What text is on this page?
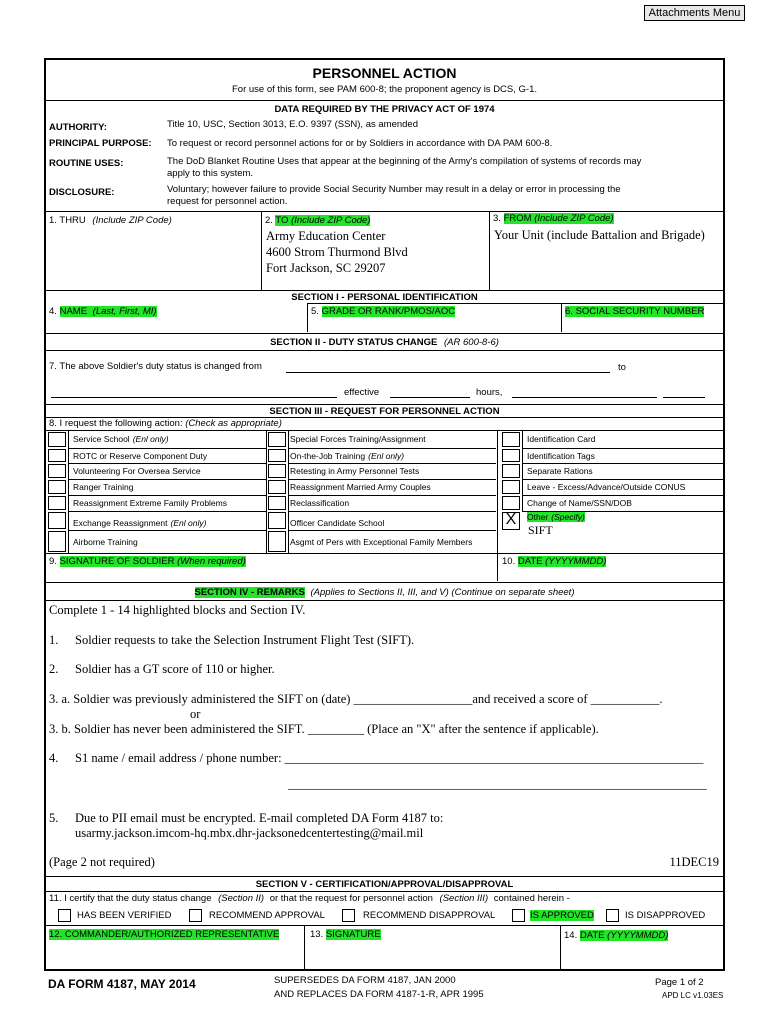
Attachments Menu
PERSONNEL ACTION
For use of this form, see PAM 600-8; the proponent agency is DCS, G-1.
DATA REQUIRED BY THE PRIVACY ACT OF 1974
AUTHORITY:	Title 10, USC, Section 3013, E.O. 9397 (SSN), as amended
PRINCIPAL PURPOSE: To request or record personnel actions for or by Soldiers in accordance with DA PAM 600-8.
ROUTINE USES:	The DoD Blanket Routine Uses that appear at the beginning of the Army's compilation of systems of records may
apply to this system.
DISCLOSURE:	Voluntary; however failure to provide Social Security Number may result in a delay or error in processing the
request for personnel action.
1. THRU (Include ZIP Code)	2. TO (Include ZIP Code)
Army Education Center
4600 Strom Thurmond Blvd
Fort Jackson, SC 29207
3. FROM (Include ZIP Code)
Your Unit (include Battalion and Brigade)
SECTION I - PERSONAL IDENTIFICATION
4. NAME (Last, First, MI)	5. GRADE OR RANK/PMOS/AOC	6. SOCIAL SECURITY NUMBER
SECTION II - DUTY STATUS CHANGE (AR 600-8-6)
7. The above Soldier's duty status is changed from	to
effective	hours,
SECTION III - REQUEST FOR PERSONNEL ACTION
8. I request the following action: (Check as appropriate)
Service School (Enl only)	Special Forces Training/Assignment	Identification Card
ROTC or Reserve Component Duty	On-the-Job Training (Enl only)	Identification Tags
Volunteering For Oversea Service	Retesting in Army Personnel Tests	Separate Rations
Ranger Training	Reassignment Married Army Couples	Leave - Excess/Advance/Outside CONUS
Reassignment Extreme Family Problems	Reclassification	Change of Name/SSN/DOB
Exchange Reassignment (Enl only)	Officer Candidate School
Airborne Training	Asgmt of Pers with Exceptional Family Members
X	Other (Specify)
SIFT
9. SIGNATURE OF SOLDIER (When required)	10. DATE (YYYYMMDD)
SECTION IV - REMARKS (Applies to Sections II, III, and V) (Continue on separate sheet)
Complete 1 - 14 highlighted blocks and Section IV.
1. Soldier requests to take the Selection Instrument Flight Test (SIFT).
2. Soldier has a GT score of 110 or higher.
3. a. Soldier was previously administered the SIFT on (date) ___________________and received a score of ___________.
or
3. b. Soldier has never been administered the SIFT. _________ (Place an "X" after the sentence if applicable).
4. S1 name / email address / phone number: ___________________________________________________________________
___________________________________________________________________
5. Due to PII email must be encrypted. E-mail completed DA Form 4187 to:
usarmy.jackson.imcom-hq.mbx.dhr-jacksonedcentertesting@mail.mil
(Page 2 not required)	11DEC19
SECTION V - CERTIFICATION/APPROVAL/DISAPPROVAL
11. I certify that the duty status change (Section II) or that the request for personnel action (Section III) contained herein -
HAS BEEN VERIFIED	RECOMMEND APPROVAL	RECOMMEND DISAPPROVAL	IS APPROVED	IS DISAPPROVED
12. COMMANDER/AUTHORIZED REPRESENTATIVE	13. SIGNATURE	14. DATE (YYYYMMDD)
DA FORM 4187, MAY 2014	SUPERSEDES DA FORM 4187, JAN 2000
AND REPLACES DA FORM 4187-1-R, APR 1995
Page 1 of 2
APD LC v1.03ES
